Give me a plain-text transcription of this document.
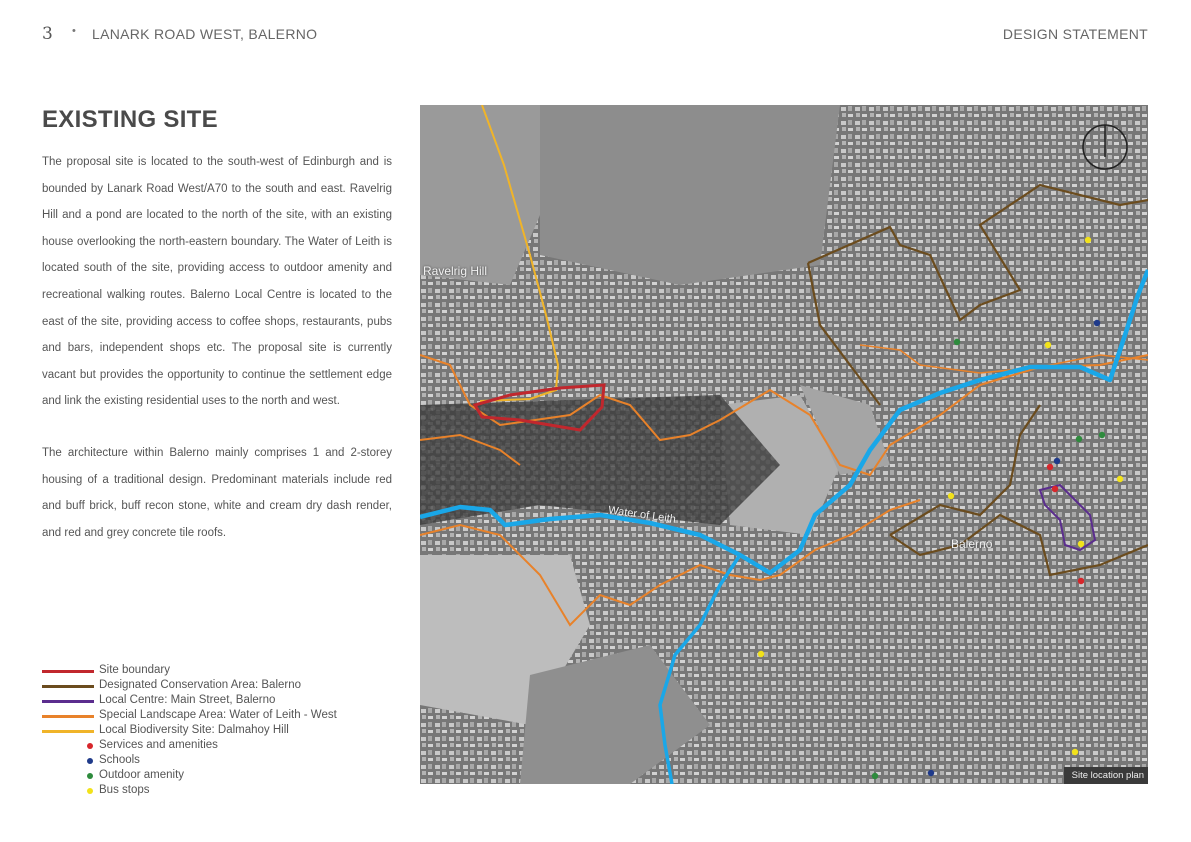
3 • LANARK ROAD WEST, BALERNO	DESIGN STATEMENT
EXISTING SITE

The proposal site is located to the south-west of Edinburgh and is bounded by Lanark Road West/A70 to the south and east. Ravelrig Hill and a pond are located to the north of the site, with an existing house overlooking the north-eastern boundary. The Water of Leith is located south of the site, providing access to outdoor amenity and recreational walking routes. Balerno Local Centre is located to the east of the site, providing access to coffee shops, restaurants, pubs and bars, independent shops etc. The proposal site is currently vacant but provides the opportunity to continue the settlement edge and link the existing residential uses to the north and west.

The architecture within Balerno mainly comprises 1 and 2-storey housing of a traditional design. Predominant materials include red and buff brick, buff recon stone, white and cream dry dash render, and red and grey concrete tile roofs.

Site boundary
Designated Conservation Area: Balerno
Local Centre: Main Street, Balerno
Special Landscape Area: Water of Leith - West
Local Biodiversity Site: Dalmahoy Hill
Services and amenities
Schools
Outdoor amenity
Bus stops
Ravelrig Hill
Water of Leith
Balerno
Site location plan
